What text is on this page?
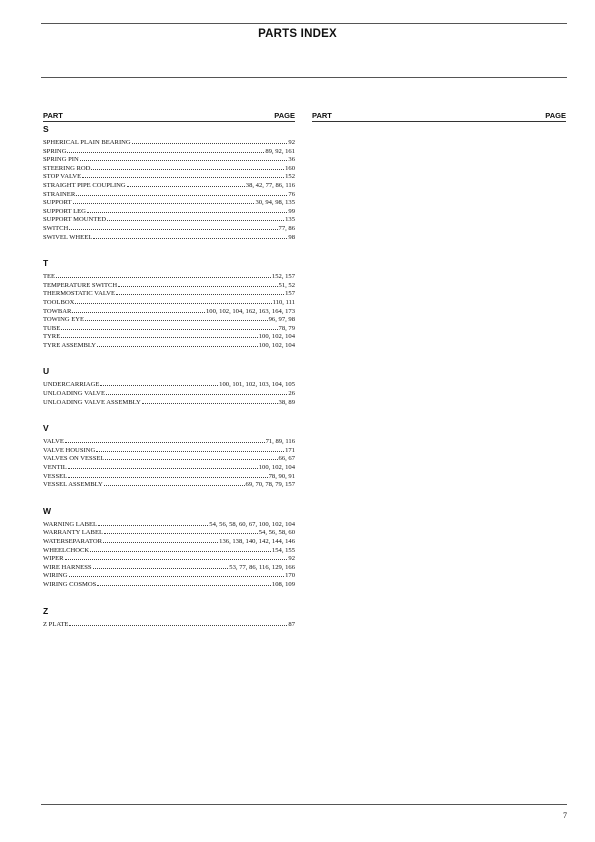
PARTS INDEX
PART	PAGE PART	PAGE
S
SPHERICAL PLAIN BEARING	92
SPRING	89, 92, 161
SPRING PIN	36
STEERING ROD	160
STOP VALVE	152
STRAIGHT PIPE COUPLING	38, 42, 77, 86, 116
STRAINER	76
SUPPORT	30, 94, 98, 135
SUPPORT LEG	99
SUPPORT MOUNTED	135
SWITCH	77, 86
SWIVEL WHEEL	98
T
TEE	152, 157
TEMPERATURE SWITCH	51, 52
THERMOSTATIC VALVE	157
TOOLBOX	110, 111
TOWBAR	100, 102, 104, 162, 163, 164, 173
TOWING EYE	96, 97, 98
TUBE	78, 79
TYRE	100, 102, 104
TYRE ASSEMBLY	100, 102, 104
U
UNDERCARRIAGE	100, 101, 102, 103, 104, 105
UNLOADING VALVE	26
UNLOADING VALVE ASSEMBLY	38, 89
V
VALVE	71, 89, 116
VALVE HOUSING	171
VALVES ON VESSEL	66, 67
VENTIL	100, 102, 104
VESSEL	78, 90, 91
VESSEL ASSEMBLY	69, 70, 78, 79, 157
W
WARNING LABEL	54, 56, 58, 60, 67, 100, 102, 104
WARRANTY LABEL	54, 56, 58, 60
WATERSEPARATOR	136, 138, 140, 142, 144, 146
WHEELCHOCK	154, 155
WIPER	92
WIRE HARNESS	53, 77, 86, 116, 129, 166
WIRING	170
WIRING COSMOS	108, 109
Z
Z PLATE	87
7
